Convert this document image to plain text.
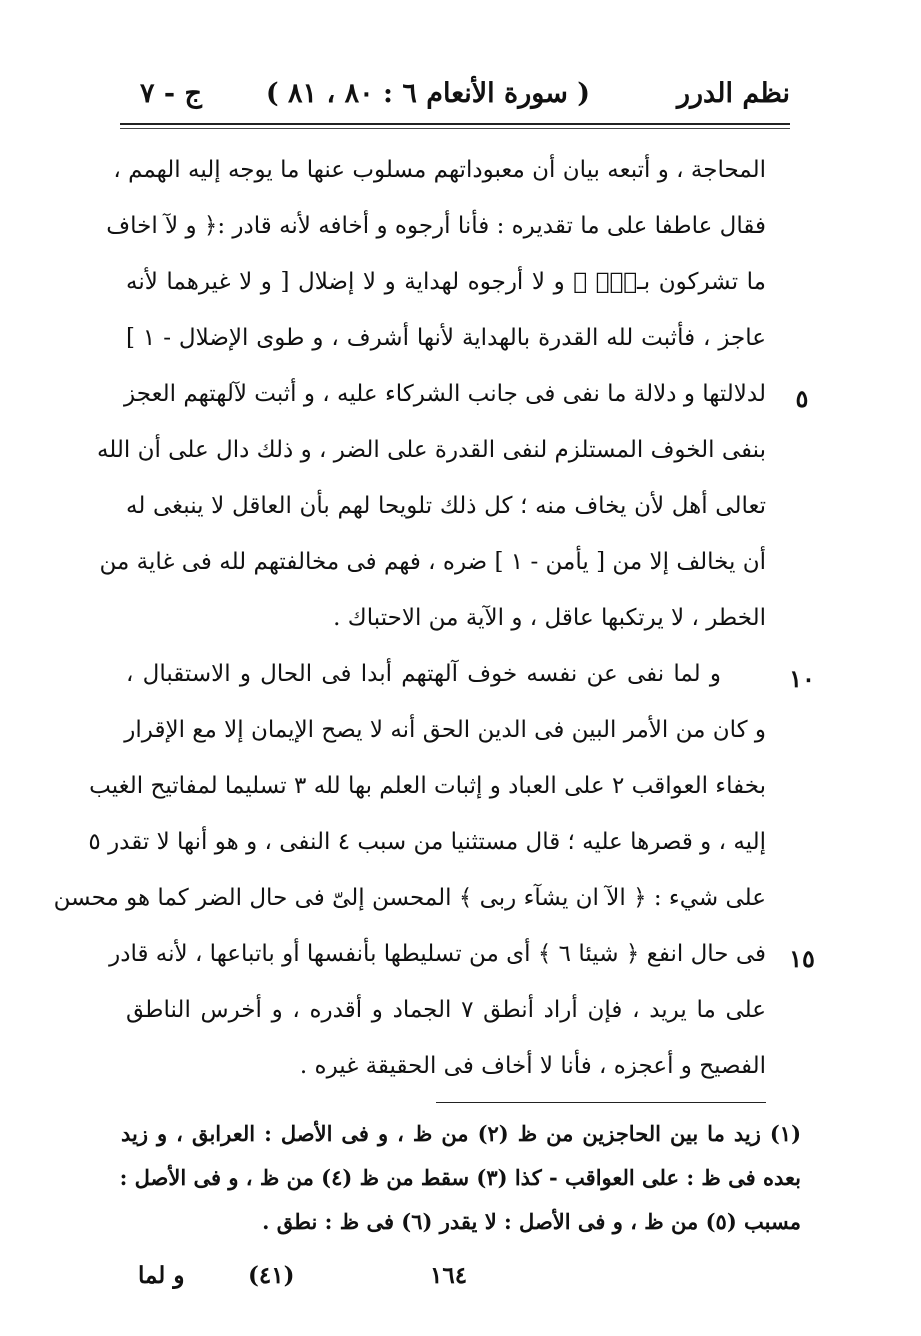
نظم الدرر
( سورة الأنعام ٦ : ٨٠ ، ٨١ )
ج - ٧
المحاجة ، و أتبعه بيان أن معبوداتهم مسلوب عنها ما يوجه إليه الهمم ،
فقال عاطفا على ما تقديره : فأنا أرجوه و أخافه لأنه قادر :﴿ و لآ اخاف
ما تشركون بـهٖٓ ﴾ و لا أرجوه لهداية و لا إضلال [ و لا غيرهما لأنه
عاجز ، فأثبت لله القدرة بالهداية لأنها أشرف ، و طوى الإضلال - ١ ]
لدلالتها و دلالة ما نفى فى جانب الشركاء عليه ، و أثبت لآلهتهم العجز
بنفى الخوف المستلزم لنفى القدرة على الضر ، و ذلك دال على أن الله
تعالى أهل لأن يخاف منه ؛ كل ذلك تلويحا لهم بأن العاقل لا ينبغى له
أن يخالف إلا من [ يأمن - ١ ] ضره ، فهم فى مخالفتهم لله فى غاية من
الخطر ، لا يرتكبها عاقل ، و الآية من الاحتباك .
و لما نفى عن نفسه خوف آلهتهم أبدا فى الحال و الاستقبال ،
و كان من الأمر البين فى الدين الحق أنه لا يصح الإيمان إلا مع الإقرار
بخفاء العواقب ٢ على العباد و إثبات العلم بها لله ٣ تسليما لمفاتيح الغيب
إليه ، و قصرها عليه ؛ قال مستثنيا من سبب ٤ النفى ، و هو أنها لا تقدر ٥
على شيء : ﴿ الآ ان يشآء ربى ﴾ المحسن إلىّ فى حال الضر كما هو محسن
فى حال انفع ﴿ شيئا ٦ ﴾ أى من تسليطها بأنفسها أو باتباعها ، لأنه قادر
على ما يريد ، فإن أراد أنطق ٧ الجماد و أقدره ، و أخرس الناطق
الفصيح و أعجزه ، فأنا لا أخاف فى الحقيقة غيره .
٥
١٠
١٥
(١) زيد ما بين الحاجزين من ظ (٢) من ظ ، و فى الأصل : العرابق ، و زيد
بعده فى ظ : على العواقب - كذا (٣) سقط من ظ (٤) من ظ ، و فى الأصل :
مسبب (٥) من ظ ، و فى الأصل : لا يقدر (٦) فى ظ : نطق .
١٦٤
(٤١)
و لما
